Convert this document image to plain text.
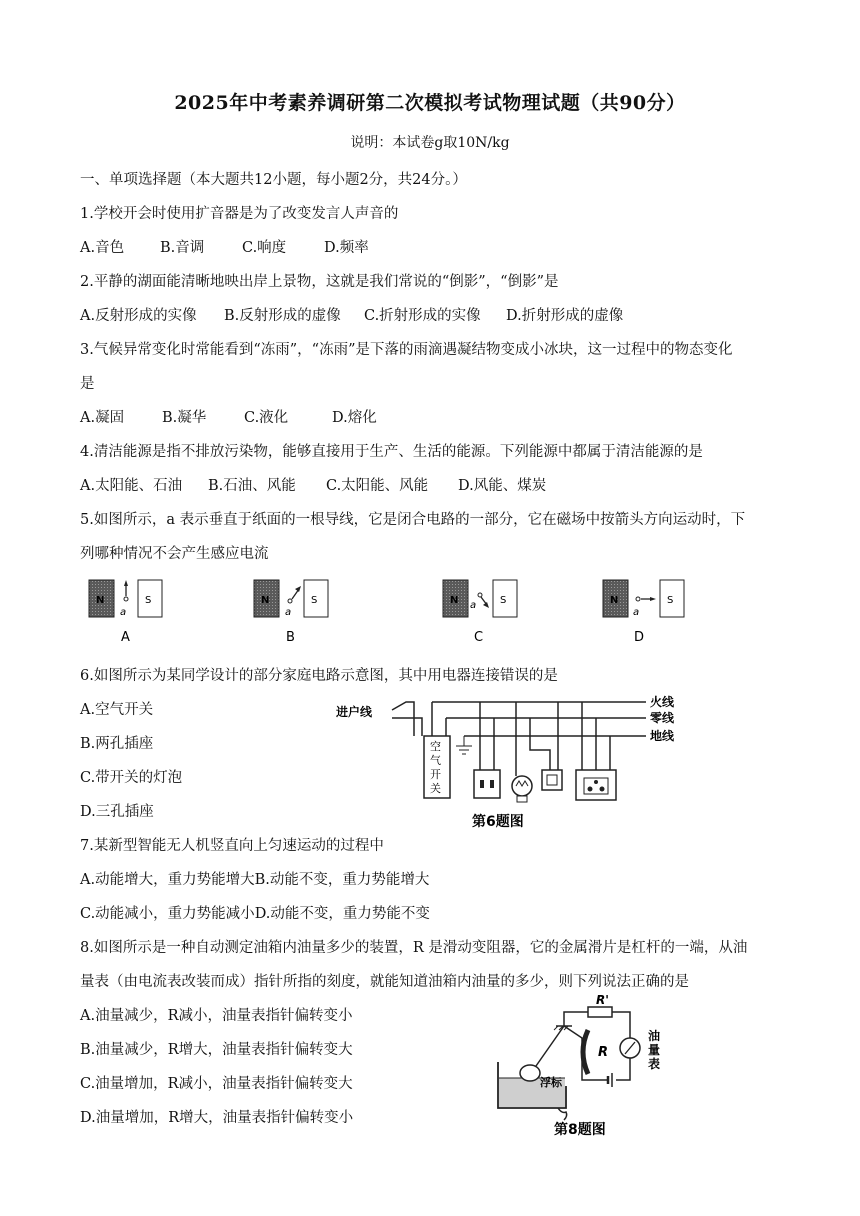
2025年中考素养调研第二次模拟考试物理试题（共90分）
说明：本试卷g取10N/kg
一、单项选择题（本大题共12小题，每小题2分，共24分。）
1.学校开会时使用扩音器是为了改变发言人声音的
A.音色 B.音调	C.响度	D.频率
2.平静的湖面能清晰地映出岸上景物，这就是我们常说的“倒影”，“倒影”是
A.反射形成的实像 B.反射形成的虚像 C.折射形成的实像 D.折射形成的虚像
3.气候异常变化时常能看到“冻雨”，“冻雨”是下落的雨滴遇凝结物变成小冰块，这一过程中的物态变化
是
A.凝固	B.凝华	C.液化	D.熔化
4.清洁能源是指不排放污染物，能够直接用于生产、生活的能源。下列能源中都属于清洁能源的是
A.太阳能、石油 B.石油、风能 C.太阳能、风能 D.风能、煤炭
5.如图所示，a 表示垂直于纸面的一根导线，它是闭合电路的一部分，它在磁场中按箭头方向运动时，下
列哪种情况不会产生感应电流
N
a
S
A
N
a
S
B
N a S
C
N
a
S
D
6.如图所示为某同学设计的部分家庭电路示意图，其中用电器连接错误的是
A.空气开关
B.两孔插座
C.带开关的灯泡
D.三孔插座
进户线
火线
零线
地线
空
气
开
关
第6题图
7.某新型智能无人机竖直向上匀速运动的过程中
A.动能增大，重力势能增大B.动能不变，重力势能增大
C.动能减小，重力势能减小D.动能不变，重力势能不变
8.如图所示是一种自动测定油箱内油量多少的装置，R 是滑动变阻器，它的金属滑片是杠杆的一端，从油
量表（由电流表改装而成）指针所指的刻度，就能知道油箱内油量的多少，则下列说法正确的是
A.油量减少，R减小，油量表指针偏转变小
B.油量减少，R增大，油量表指针偏转变大
C.油量增加，R减小，油量表指针偏转变大
D.油量增加，R增大，油量表指针偏转变小
R'
油
量
表
R
浮标
第8题图
